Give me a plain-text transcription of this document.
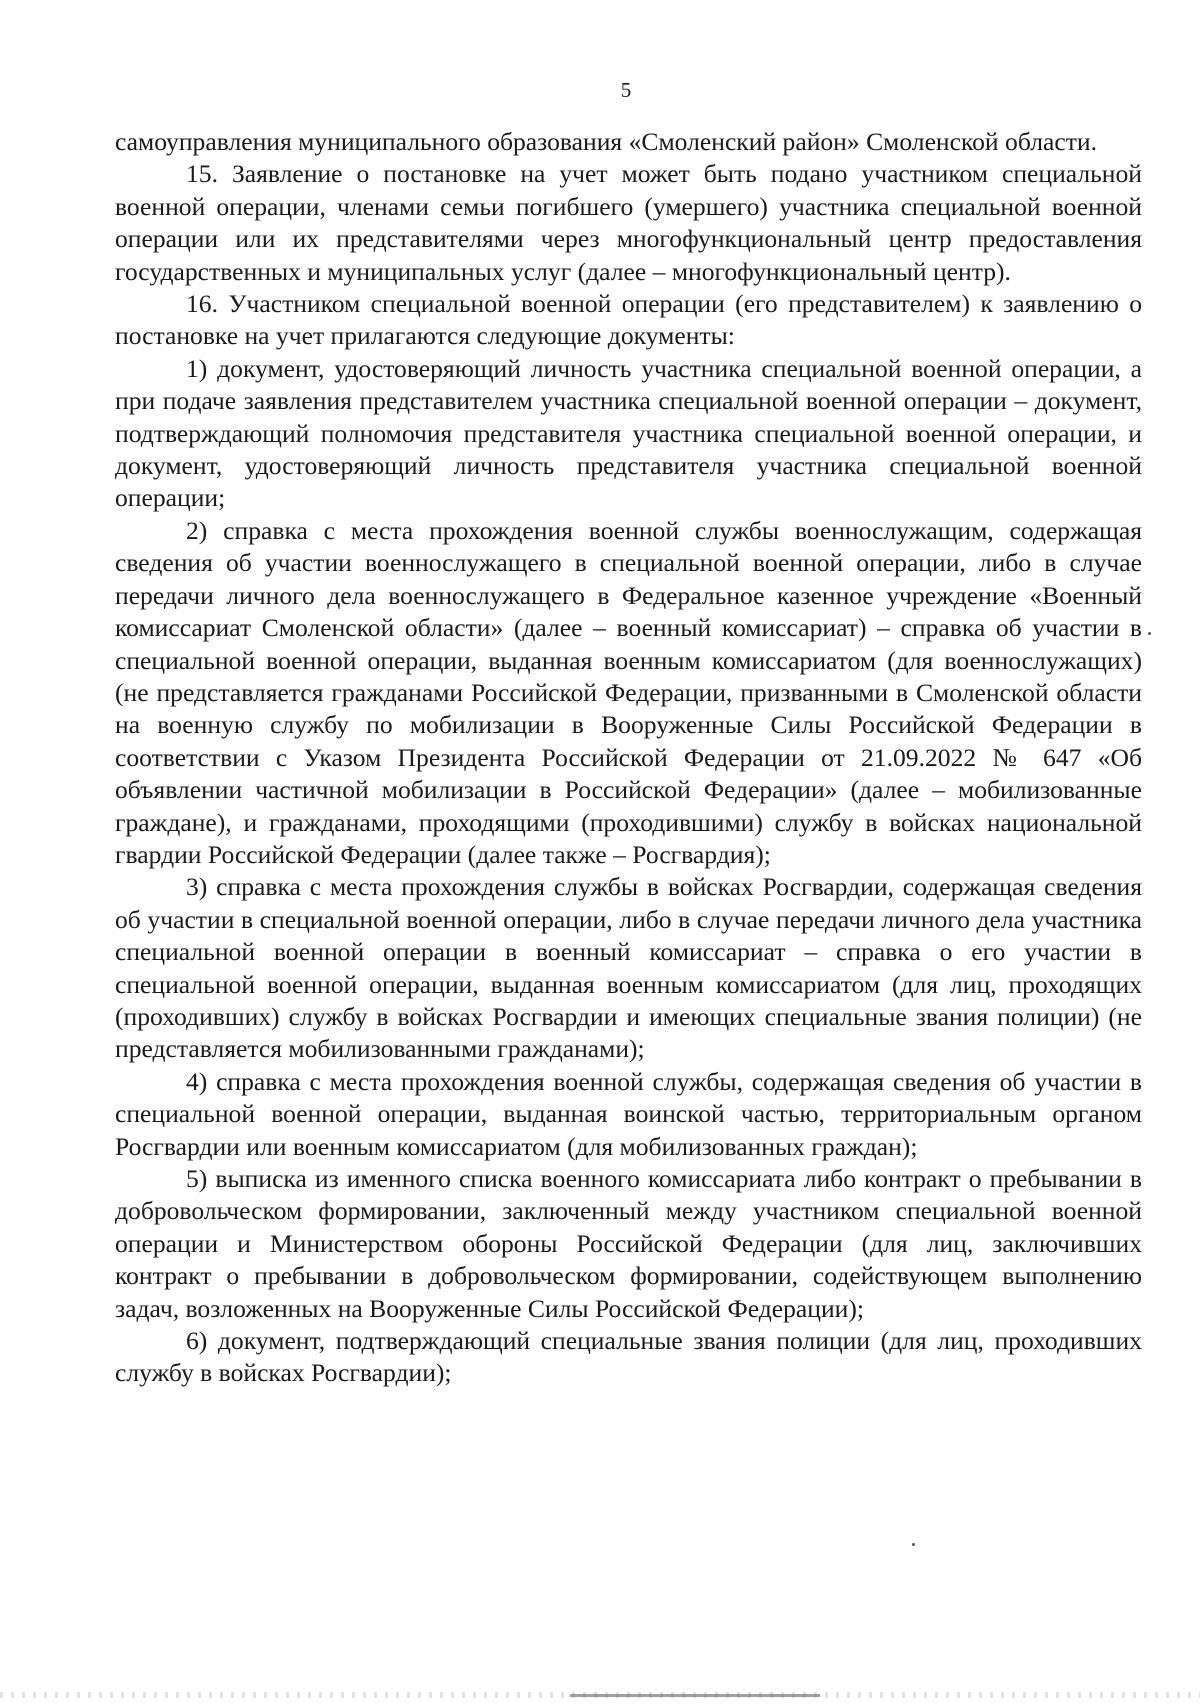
5

самоуправления муниципального образования «Смоленский район» Смоленской области.

15. Заявление о постановке на учет может быть подано участником специальной военной операции, членами семьи погибшего (умершего) участника специальной военной операции или их представителями через многофункциональный центр предоставления государственных и муниципальных услуг (далее – многофункциональный центр).

16. Участником специальной военной операции (его представителем) к заявлению о постановке на учет прилагаются следующие документы:

1) документ, удостоверяющий личность участника специальной военной операции, а при подаче заявления представителем участника специальной военной операции – документ, подтверждающий полномочия представителя участника специальной военной операции, и документ, удостоверяющий личность представителя участника специальной военной операции;

2) справка с места прохождения военной службы военнослужащим, содержащая сведения об участии военнослужащего в специальной военной операции, либо в случае передачи личного дела военнослужащего в Федеральное казенное учреждение «Военный комиссариат Смоленской области» (далее – военный комиссариат) – справка об участии в специальной военной операции, выданная военным комиссариатом (для военнослужащих) (не представляется гражданами Российской Федерации, призванными в Смоленской области на военную службу по мобилизации в Вооруженные Силы Российской Федерации в соответствии с Указом Президента Российской Федерации от 21.09.2022 № 647 «Об объявлении частичной мобилизации в Российской Федерации» (далее – мобилизованные граждане), и гражданами, проходящими (проходившими) службу в войсках национальной гвардии Российской Федерации (далее также – Росгвардия);

3) справка с места прохождения службы в войсках Росгвардии, содержащая сведения об участии в специальной военной операции, либо в случае передачи личного дела участника специальной военной операции в военный комиссариат – справка о его участии в специальной военной операции, выданная военным комиссариатом (для лиц, проходящих (проходивших) службу в войсках Росгвардии и имеющих специальные звания полиции) (не представляется мобилизованными гражданами);

4) справка с места прохождения военной службы, содержащая сведения об участии в специальной военной операции, выданная воинской частью, территориальным органом Росгвардии или военным комиссариатом (для мобилизованных граждан);

5) выписка из именного списка военного комиссариата либо контракт о пребывании в добровольческом формировании, заключенный между участником специальной военной операции и Министерством обороны Российской Федерации (для лиц, заключивших контракт о пребывании в добровольческом формировании, содействующем выполнению задач, возложенных на Вооруженные Силы Российской Федерации);

6) документ, подтверждающий специальные звания полиции (для лиц, проходивших службу в войсках Росгвардии);
